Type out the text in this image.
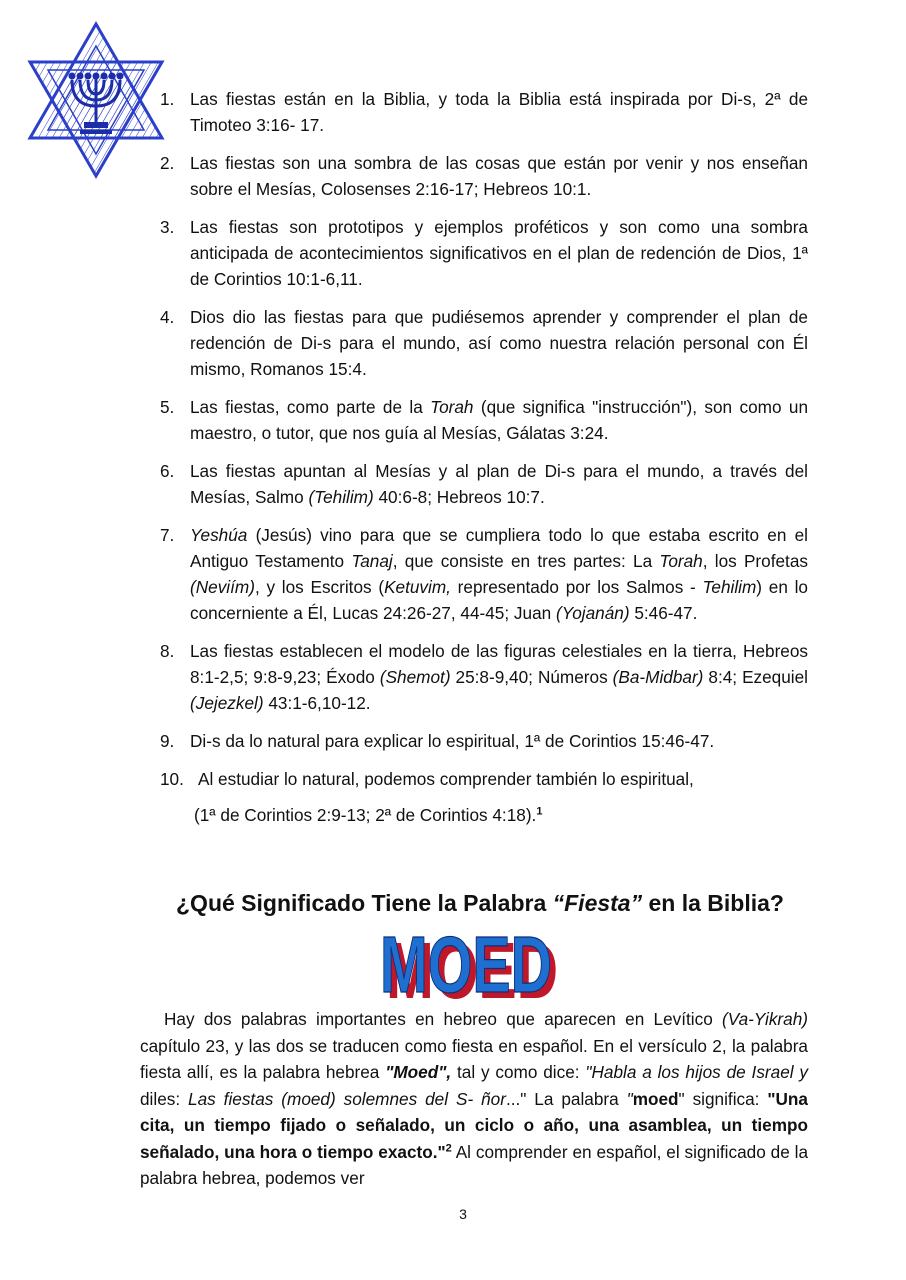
1. Las fiestas están en la Biblia, y toda la Biblia está inspirada por Di-s, 2ª de Timoteo 3:16- 17.
2. Las fiestas son una sombra de las cosas que están por venir y nos enseñan sobre el Mesías, Colosenses 2:16-17; Hebreos 10:1.
3. Las fiestas son prototipos y ejemplos proféticos y son como una sombra anticipada de acontecimientos significativos en el plan de redención de Dios, 1ª de Corintios 10:1-6,11.
4. Dios dio las fiestas para que pudiésemos aprender y comprender el plan de redención de Di-s para el mundo, así como nuestra relación personal con Él mismo, Romanos 15:4.
5. Las fiestas, como parte de la Torah (que significa "instrucción"), son como un maestro, o tutor, que nos guía al Mesías, Gálatas 3:24.
6. Las fiestas apuntan al Mesías y al plan de Di-s para el mundo, a través del Mesías, Salmo (Tehilim) 40:6-8; Hebreos 10:7.
7. Yeshúa (Jesús) vino para que se cumpliera todo lo que estaba escrito en el Antiguo Testamento Tanaj, que consiste en tres partes: La Torah, los Profetas (Neviím), y los Escritos (Ketuvim, representado por los Salmos - Tehilim) en lo concerniente a Él, Lucas 24:26-27, 44-45; Juan (Yojanán) 5:46-47.
8. Las fiestas establecen el modelo de las figuras celestiales en la tierra, Hebreos 8:1-2,5; 9:8-9,23; Éxodo (Shemot) 25:8-9,40; Números (Ba-Midbar) 8:4; Ezequiel (Jejezkel) 43:1-6,10-12.
9. Di-s da lo natural para explicar lo espiritual, 1ª de Corintios 15:46-47.
10. Al estudiar lo natural, podemos comprender también lo espiritual,
(1ª de Corintios 2:9-13; 2ª de Corintios 4:18).$^1$
¿Qué Significado Tiene la Palabra “Fiesta” en la Biblia?
MOED
MOED

Hay dos palabras importantes en hebreo que aparecen en Levítico (Va-Yikrah) capítulo 23, y las dos se traducen como fiesta en español. En el versículo 2, la palabra fiesta allí, es la palabra hebrea "Moed", tal y como dice: "Habla a los hijos de Israel y diles: Las fiestas (moed) solemnes del S- ñor..." La palabra "moed" significa: "Una cita, un tiempo fijado o señalado, un ciclo o año, una asamblea, un tiempo señalado, una hora o tiempo exacto."$^2$ Al comprender en español, el significado de la palabra hebrea, podemos ver

3
